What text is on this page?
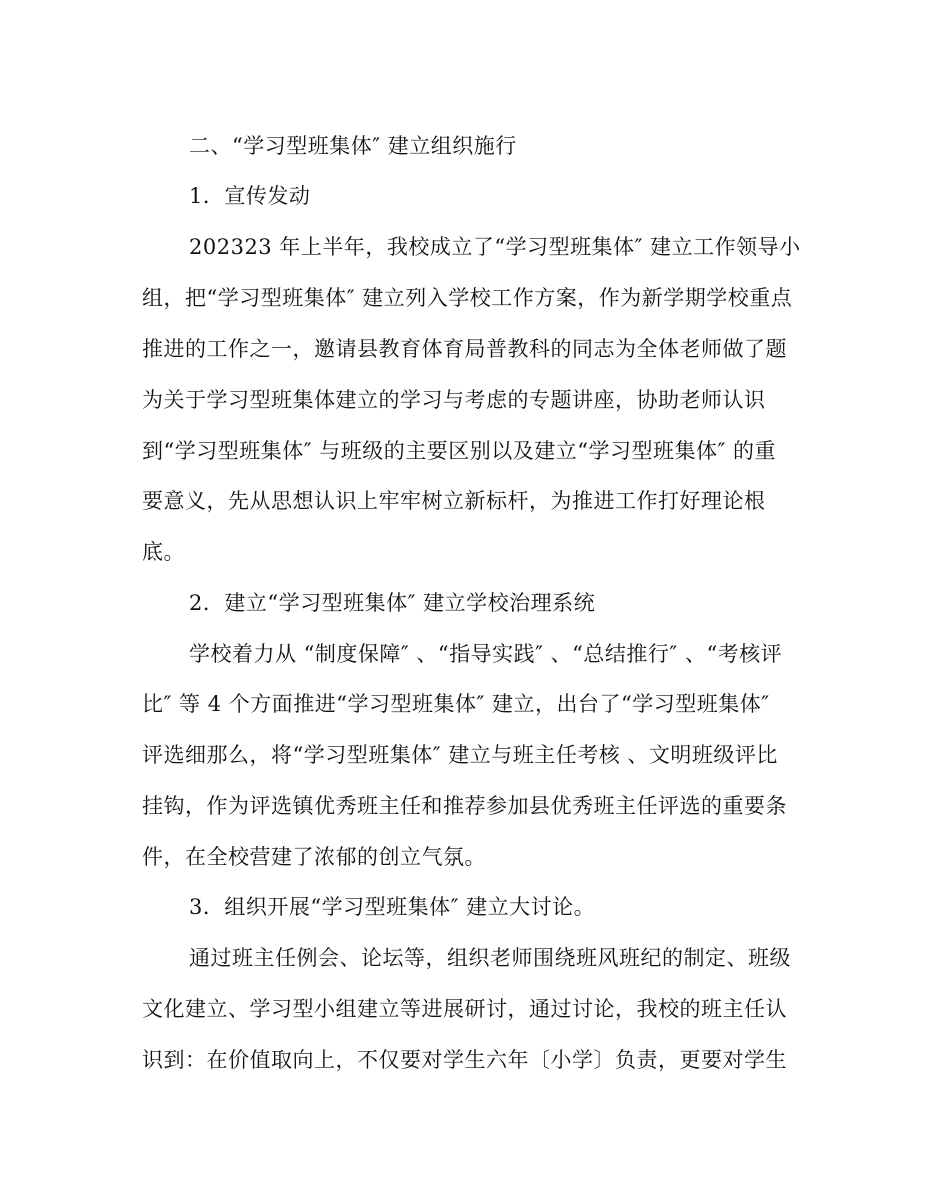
二、“学习型班集体″ 建立组织施行
1．宣传发动
202323 年上半年，我校成立了“学习型班集体″ 建立工作领导小
组，把“学习型班集体″ 建立列入学校工作方案，作为新学期学校重点
推进的工作之一，邀请县教育体育局普教科的同志为全体老师做了题
为关于学习型班集体建立的学习与考虑的专题讲座，协助老师认识
到“学习型班集体″ 与班级的主要区别以及建立“学习型班集体″ 的重
要意义，先从思想认识上牢牢树立新标杆，为推进工作打好理论根
底。
2．建立“学习型班集体″ 建立学校治理系统
学校着力从 “制度保障″ 、“指导实践″ 、“总结推行″ 、“考核评
比″ 等 4 个方面推进“学习型班集体″ 建立，出台了“学习型班集体″
评选细那么，将“学习型班集体″ 建立与班主任考核 、文明班级评比
挂钩，作为评选镇优秀班主任和推荐参加县优秀班主任评选的重要条
件，在全校营建了浓郁的创立气氛。
3．组织开展“学习型班集体″ 建立大讨论。
通过班主任例会、论坛等，组织老师围绕班风班纪的制定、班级
文化建立、学习型小组建立等进展研讨，通过讨论，我校的班主任认
识到：在价值取向上，不仅要对学生六年〔小学〕负责，更要对学生
